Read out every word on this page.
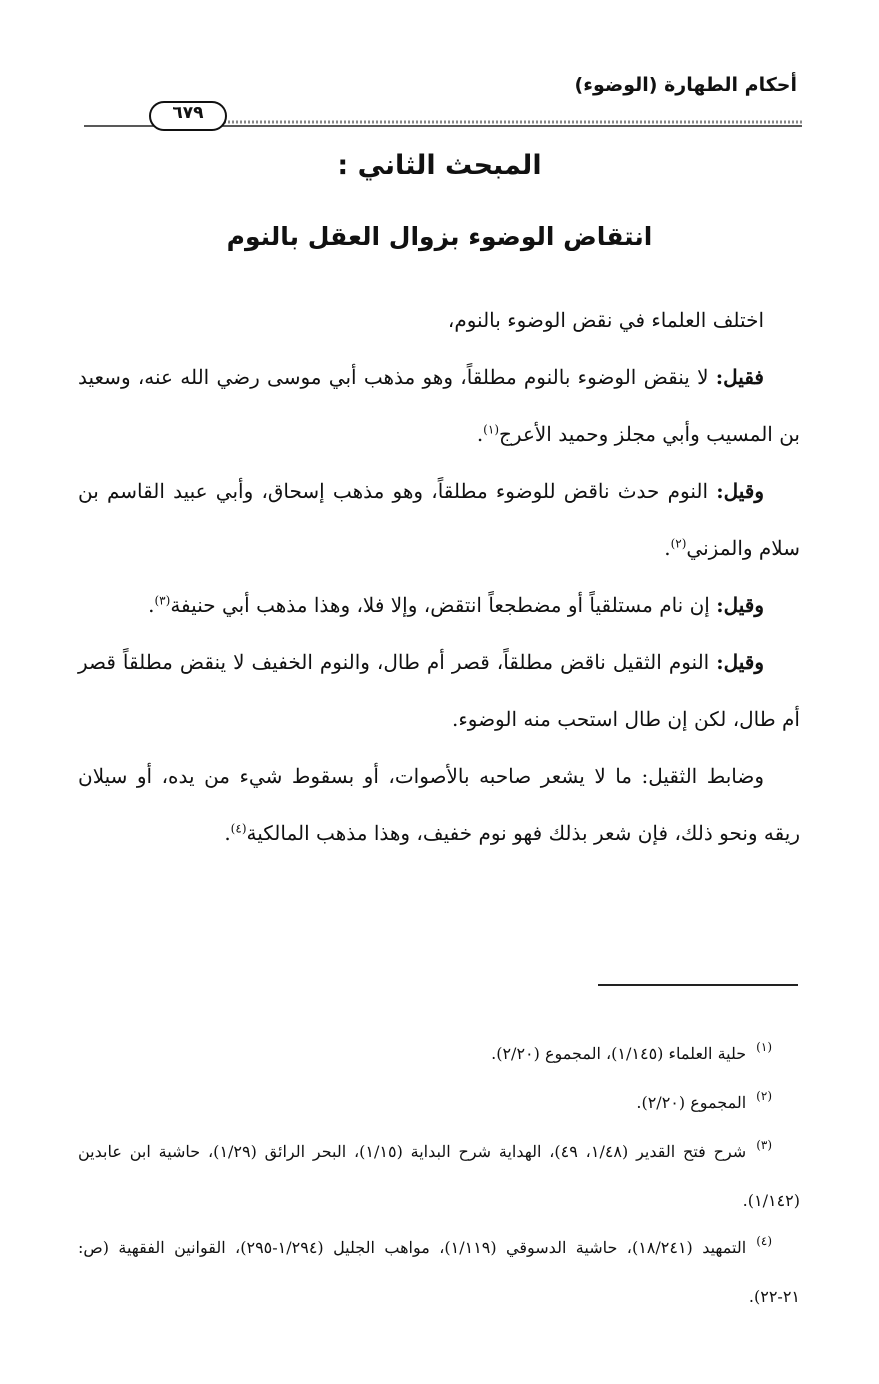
أحكام الطهارة (الوضوء)
٦٧٩
المبحث الثاني :
انتقاض الوضوء بزوال العقل بالنوم

اختلف العلماء في نقض الوضوء بالنوم،

فقيل: لا ينقض الوضوء بالنوم مطلقاً، وهو مذهب أبي موسى رضي الله عنه، وسعيد بن المسيب وأبي مجلز وحميد الأعرج$^{(١)}$.

وقيل: النوم حدث ناقض للوضوء مطلقاً، وهو مذهب إسحاق، وأبي عبيد القاسم بن سلام والمزني$^{(٢)}$.

وقيل: إن نام مستلقياً أو مضطجعاً انتقض، وإلا فلا، وهذا مذهب أبي حنيفة$^{(٣)}$.

وقيل: النوم الثقيل ناقض مطلقاً، قصر أم طال، والنوم الخفيف لا ينقض مطلقاً قصر أم طال، لكن إن طال استحب منه الوضوء.

وضابط الثقيل: ما لا يشعر صاحبه بالأصوات، أو بسقوط شيء من يده، أو سيلان ريقه ونحو ذلك، فإن شعر بذلك فهو نوم خفيف، وهذا مذهب المالكية$^{(٤)}$.

$^{(١)}$حلية العلماء (١/١٤٥)، المجموع (٢/٢٠).

$^{(٢)}$المجموع (٢/٢٠).

$^{(٣)}$شرح فتح القدير (١/٤٨، ٤٩)، الهداية شرح البداية (١/١٥)، البحر الرائق (١/٢٩)، حاشية ابن عابدين (١/١٤٢).

$^{(٤)}$التمهيد (١٨/٢٤١)، حاشية الدسوقي (١/١١٩)، مواهب الجليل (١/٢٩٤-٢٩٥)، القوانين الفقهية (ص: ٢١-٢٢).
